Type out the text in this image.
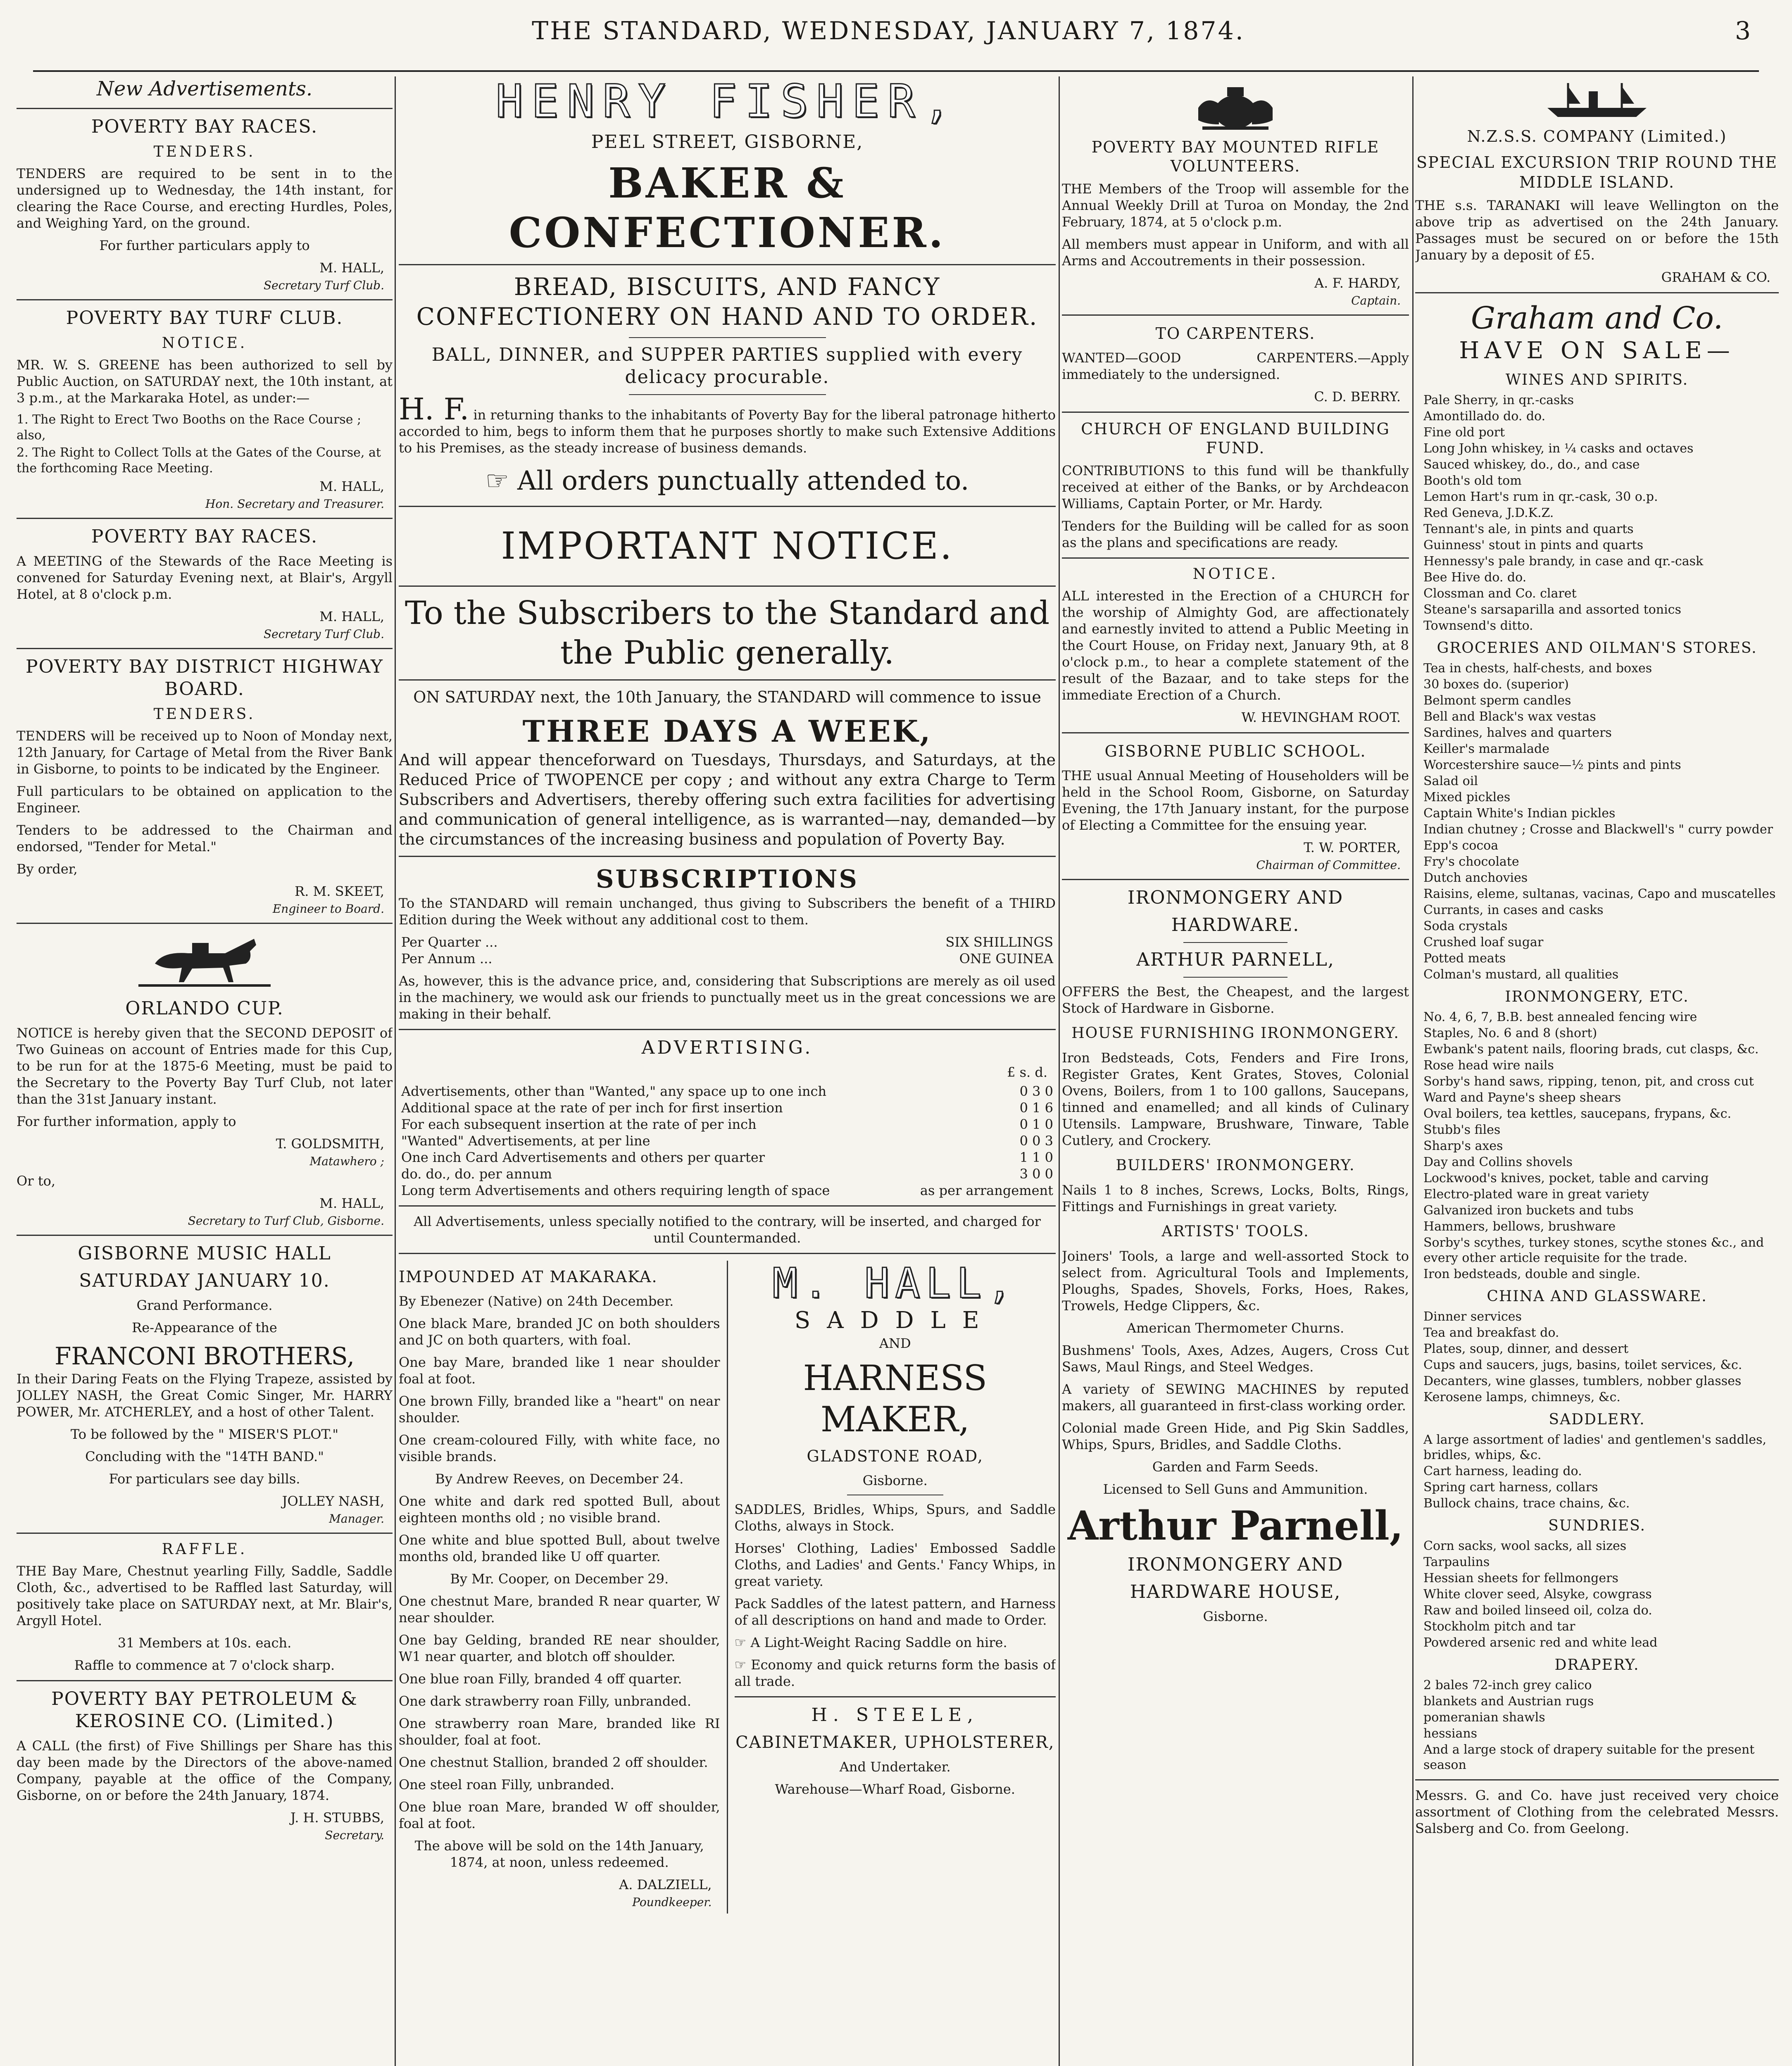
THE STANDARD, WEDNESDAY, JANUARY 7, 1874.	3
New Advertisements.
POVERTY BAY RACES.
TENDERS.

TENDERS are required to be sent in to the undersigned up to Wednesday, the 14th instant, for clearing the Race Course, and erecting Hurdles, Poles, and Weighing Yard, on the ground.

For further particulars apply to

M. HALL,
Secretary Turf Club.
POVERTY BAY TURF CLUB.
NOTICE.

MR. W. S. GREENE has been authorized to sell by Public Auction, on SATURDAY next, the 10th instant, at 3 p.m., at the Markaraka Hotel, as under:—

1. The Right to Erect Two Booths on the Race Course ; also,
2. The Right to Collect Tolls at the Gates of the Course, at the forthcoming Race Meeting.
M. HALL,
Hon. Secretary and Treasurer.
POVERTY BAY RACES.

A MEETING of the Stewards of the Race Meeting is convened for Saturday Evening next, at Blair's, Argyll Hotel, at 8 o'clock p.m.

M. HALL,
Secretary Turf Club.
POVERTY BAY DISTRICT HIGHWAY BOARD.
TENDERS.

TENDERS will be received up to Noon of Monday next, 12th January, for Cartage of Metal from the River Bank in Gisborne, to points to be indicated by the Engineer.

Full particulars to be obtained on application to the Engineer.

Tenders to be addressed to the Chairman and endorsed, "Tender for Metal."

By order,

R. M. SKEET,
Engineer to Board.
ORLANDO CUP.

NOTICE is hereby given that the SECOND DEPOSIT of Two Guineas on account of Entries made for this Cup, to be run for at the 1875-6 Meeting, must be paid to the Secretary to the Poverty Bay Turf Club, not later than the 31st January instant.

For further information, apply to

T. GOLDSMITH,
Matawhero ;

Or to,

M. HALL,
Secretary to Turf Club, Gisborne.
GISBORNE MUSIC HALL
SATURDAY JANUARY 10.

Grand Performance.

Re-Appearance of the

FRANCONI BROTHERS,

In their Daring Feats on the Flying Trapeze, assisted by JOLLEY NASH, the Great Comic Singer, Mr. HARRY POWER, Mr. ATCHERLEY, and a host of other Talent.

To be followed by the " MISER'S PLOT."

Concluding with the "14TH BAND."

For particulars see day bills.

JOLLEY NASH,
Manager.
RAFFLE.

THE Bay Mare, Chestnut yearling Filly, Saddle, Saddle Cloth, &c., advertised to be Raffled last Saturday, will positively take place on SATURDAY next, at Mr. Blair's, Argyll Hotel.

31 Members at 10s. each.

Raffle to commence at 7 o'clock sharp.

POVERTY BAY PETROLEUM & KEROSINE CO. (Limited.)

A CALL (the first) of Five Shillings per Share has this day been made by the Directors of the above-named Company, payable at the office of the Company, Gisborne, on or before the 24th January, 1874.

J. H. STUBBS,
Secretary.
HENRY FISHER,
PEEL STREET, GISBORNE,
BAKER & CONFECTIONER.
BREAD, BISCUITS, AND FANCY CONFECTIONERY ON HAND AND TO ORDER.
BALL, DINNER, and SUPPER PARTIES supplied with every delicacy procurable.

H. F. in returning thanks to the inhabitants of Poverty Bay for the liberal patronage hitherto accorded to him, begs to inform them that he purposes shortly to make such Extensive Additions to his Premises, as the steady increase of business demands.

☞ All orders punctually attended to.
IMPORTANT NOTICE.
To the Subscribers to the Standard and the Public generally.

ON SATURDAY next, the 10th January, the STANDARD will commence to issue

THREE DAYS A WEEK,

And will appear thenceforward on Tuesdays, Thursdays, and Saturdays, at the Reduced Price of TWOPENCE per copy ; and without any extra Charge to Term Subscribers and Advertisers, thereby offering such extra facilities for advertising and communication of general intelligence, as is warranted—nay, demanded—by the circumstances of the increasing business and population of Poverty Bay.

SUBSCRIPTIONS

To the STANDARD will remain unchanged, thus giving to Subscribers the benefit of a THIRD Edition during the Week without any additional cost to them.

Per Quarter ...	SIX SHILLINGS
Per Annum ...	ONE GUINEA

As, however, this is the advance price, and, considering that Subscriptions are merely as oil used in the machinery, we would ask our friends to punctually meet us in the great concessions we are making in their behalf.

ADVERTISING.
£ s. d.
Advertisements, other than "Wanted," any space up to one inch	0 3 0
Additional space at the rate of per inch for first insertion	0 1 6
For each subsequent insertion at the rate of per inch	0 1 0
"Wanted" Advertisements, at per line	0 0 3
One inch Card Advertisements and others per quarter	1 1 0
do. do., do. per annum	3 0 0
Long term Advertisements and others requiring length of space	as per arrangement

All Advertisements, unless specially notified to the contrary, will be inserted, and charged for until Countermanded.

IMPOUNDED AT MAKARAKA.

By Ebenezer (Native) on 24th December.

One black Mare, branded JC on both shoulders and JC on both quarters, with foal.

One bay Mare, branded like 1 near shoulder foal at foot.

One brown Filly, branded like a "heart" on near shoulder.

One cream-coloured Filly, with white face, no visible brands.

By Andrew Reeves, on December 24.

One white and dark red spotted Bull, about eighteen months old ; no visible brand.

One white and blue spotted Bull, about twelve months old, branded like U off quarter.

By Mr. Cooper, on December 29.

One chestnut Mare, branded R near quarter, W near shoulder.

One bay Gelding, branded RE near shoulder, W1 near quarter, and blotch off shoulder.

One blue roan Filly, branded 4 off quarter.

One dark strawberry roan Filly, unbranded.

One strawberry roan Mare, branded like RI shoulder, foal at foot.

One chestnut Stallion, branded 2 off shoulder.

One steel roan Filly, unbranded.

One blue roan Mare, branded W off shoulder, foal at foot.

The above will be sold on the 14th January, 1874, at noon, unless redeemed.

A. DALZIELL,
Poundkeeper.
M. HALL,
SADDLE

AND

HARNESS MAKER,
GLADSTONE ROAD,

Gisborne.

SADDLES, Bridles, Whips, Spurs, and Saddle Cloths, always in Stock.

Horses' Clothing, Ladies' Embossed Saddle Cloths, and Ladies' and Gents.' Fancy Whips, in great variety.

Pack Saddles of the latest pattern, and Harness of all descriptions on hand and made to Order.

☞ A Light-Weight Racing Saddle on hire.

☞ Economy and quick returns form the basis of all trade.

H. STEELE,
CABINETMAKER, UPHOLSTERER,

And Undertaker.

Warehouse—Wharf Road, Gisborne.

POVERTY BAY MOUNTED RIFLE VOLUNTEERS.

THE Members of the Troop will assemble for the Annual Weekly Drill at Turoa on Monday, the 2nd February, 1874, at 5 o'clock p.m.

All members must appear in Uniform, and with all Arms and Accoutrements in their possession.

A. F. HARDY,
Captain.
TO CARPENTERS.

WANTED—GOOD CARPENTERS.—Apply immediately to the undersigned.

C. D. BERRY.
CHURCH OF ENGLAND BUILDING FUND.

CONTRIBUTIONS to this fund will be thankfully received at either of the Banks, or by Archdeacon Williams, Captain Porter, or Mr. Hardy.

Tenders for the Building will be called for as soon as the plans and specifications are ready.

NOTICE.

ALL interested in the Erection of a CHURCH for the worship of Almighty God, are affectionately and earnestly invited to attend a Public Meeting in the Court House, on Friday next, January 9th, at 8 o'clock p.m., to hear a complete statement of the result of the Bazaar, and to take steps for the immediate Erection of a Church.

W. HEVINGHAM ROOT.
GISBORNE PUBLIC SCHOOL.

THE usual Annual Meeting of Householders will be held in the School Room, Gisborne, on Saturday Evening, the 17th January instant, for the purpose of Electing a Committee for the ensuing year.

T. W. PORTER,
Chairman of Committee.
IRONMONGERY AND
HARDWARE.
ARTHUR PARNELL,

OFFERS the Best, the Cheapest, and the largest Stock of Hardware in Gisborne.

HOUSE FURNISHING IRONMONGERY.

Iron Bedsteads, Cots, Fenders and Fire Irons, Register Grates, Kent Grates, Stoves, Colonial Ovens, Boilers, from 1 to 100 gallons, Saucepans, tinned and enamelled; and all kinds of Culinary Utensils. Lampware, Brushware, Tinware, Table Cutlery, and Crockery.

BUILDERS' IRONMONGERY.

Nails 1 to 8 inches, Screws, Locks, Bolts, Rings, Fittings and Furnishings in great variety.

ARTISTS' TOOLS.

Joiners' Tools, a large and well-assorted Stock to select from. Agricultural Tools and Implements, Ploughs, Spades, Shovels, Forks, Hoes, Rakes, Trowels, Hedge Clippers, &c.

American Thermometer Churns.

Bushmens' Tools, Axes, Adzes, Augers, Cross Cut Saws, Maul Rings, and Steel Wedges.

A variety of SEWING MACHINES by reputed makers, all guaranteed in first-class working order.

Colonial made Green Hide, and Pig Skin Saddles, Whips, Spurs, Bridles, and Saddle Cloths.

Garden and Farm Seeds.

Licensed to Sell Guns and Ammunition.

Arthur Parnell,
IRONMONGERY AND
HARDWARE HOUSE,

Gisborne.

N.Z.S.S. COMPANY (Limited.)
SPECIAL EXCURSION TRIP ROUND THE MIDDLE ISLAND.

THE s.s. TARANAKI will leave Wellington on the above trip as advertised on the 24th January. Passages must be secured on or before the 15th January by a deposit of £5.

GRAHAM & CO.
Graham and Co.
HAVE ON SALE—
WINES AND SPIRITS.
Pale Sherry, in qr.-casks
Amontillado do. do.
Fine old port
Long John whiskey, in ¼ casks and octaves
Sauced whiskey, do., do., and case
Booth's old tom
Lemon Hart's rum in qr.-cask, 30 o.p.
Red Geneva, J.D.K.Z.
Tennant's ale, in pints and quarts
Guinness' stout in pints and quarts
Hennessy's pale brandy, in case and qr.-cask
Bee Hive do. do.
Clossman and Co. claret
Steane's sarsaparilla and assorted tonics
Townsend's ditto.
GROCERIES AND OILMAN'S STORES.
Tea in chests, half-chests, and boxes
30 boxes do. (superior)
Belmont sperm candles
Bell and Black's wax vestas
Sardines, halves and quarters
Keiller's marmalade
Worcestershire sauce—½ pints and pints
Salad oil
Mixed pickles
Captain White's Indian pickles
Indian chutney ; Crosse and Blackwell's " curry powder
Epp's cocoa
Fry's chocolate
Dutch anchovies
Raisins, eleme, sultanas, vacinas, Capo and muscatelles
Currants, in cases and casks
Soda crystals
Crushed loaf sugar
Potted meats
Colman's mustard, all qualities
IRONMONGERY, ETC.
No. 4, 6, 7, B.B. best annealed fencing wire
Staples, No. 6 and 8 (short)
Ewbank's patent nails, flooring brads, cut clasps, &c.
Rose head wire nails
Sorby's hand saws, ripping, tenon, pit, and cross cut
Ward and Payne's sheep shears
Oval boilers, tea kettles, saucepans, frypans, &c.
Stubb's files
Sharp's axes
Day and Collins shovels
Lockwood's knives, pocket, table and carving
Electro-plated ware in great variety
Galvanized iron buckets and tubs
Hammers, bellows, brushware
Sorby's scythes, turkey stones, scythe stones &c., and every other article requisite for the trade.
Iron bedsteads, double and single.
CHINA AND GLASSWARE.
Dinner services
Tea and breakfast do.
Plates, soup, dinner, and dessert
Cups and saucers, jugs, basins, toilet services, &c.
Decanters, wine glasses, tumblers, nobber glasses
Kerosene lamps, chimneys, &c.
SADDLERY.
A large assortment of ladies' and gentlemen's saddles, bridles, whips, &c.
Cart harness, leading do.
Spring cart harness, collars
Bullock chains, trace chains, &c.
SUNDRIES.
Corn sacks, wool sacks, all sizes
Tarpaulins
Hessian sheets for fellmongers
White clover seed, Alsyke, cowgrass
Raw and boiled linseed oil, colza do.
Stockholm pitch and tar
Powdered arsenic red and white lead
DRAPERY.
2 bales 72-inch grey calico
blankets and Austrian rugs
pomeranian shawls
hessians
And a large stock of drapery suitable for the present season

Messrs. G. and Co. have just received very choice assortment of Clothing from the celebrated Messrs. Salsberg and Co. from Geelong.
